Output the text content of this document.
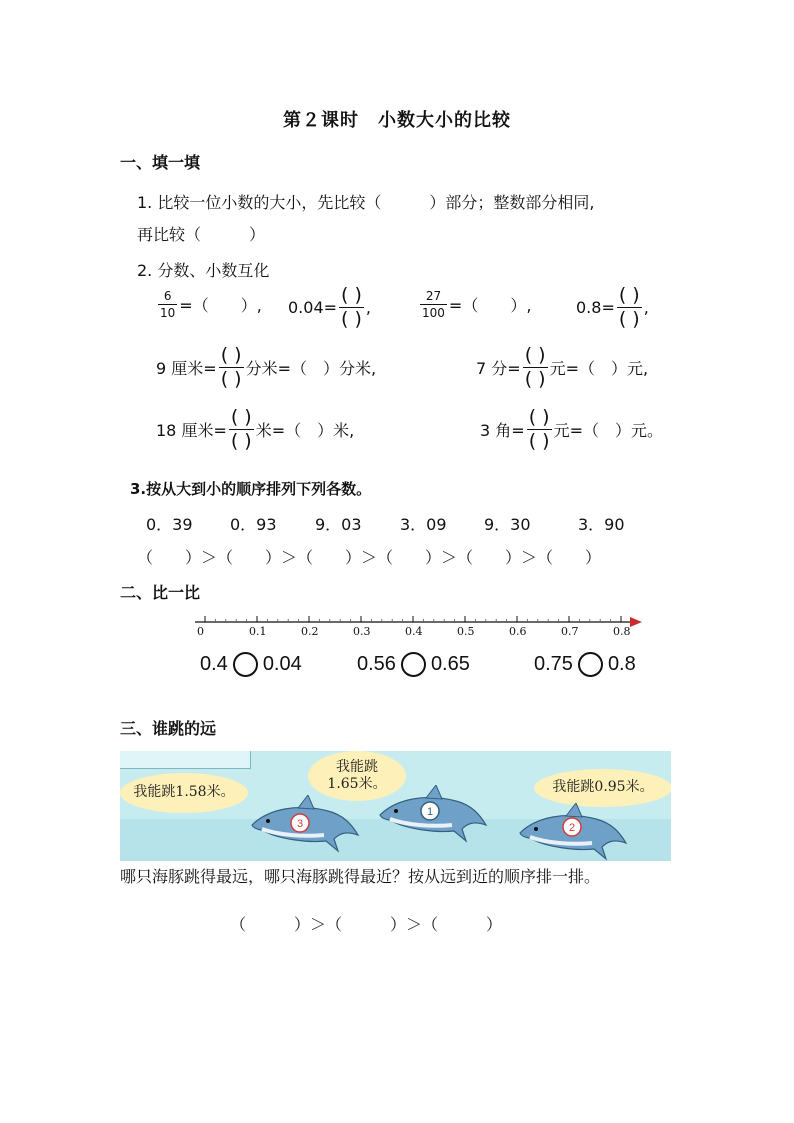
第２课时　小数大小的比较
一、填一填
1. 比较一位小数的大小，先比较（　　　）部分；整数部分相同,
再比较（　　　）
2. 分数、小数互化
$\frac{6}{10}$ =（　　）, $0.04= \frac{( )}{( )}$ ,	$\frac{27}{100}$ =（　　）,	$0.8= \frac{( )}{( )}$ ,
9 厘米= $\frac{( )}{( )}$ 分米=（　）分米,	7 分= $\frac{( )}{( )}$ 元=（　）元,
18 厘米= $\frac{( )}{( )}$ 米=（　）米,	3 角= $\frac{( )}{( )}$ 元=（　）元。
3.按从大到小的顺序排列下列各数。
0．39 0．93 9．03 3．09 9．30	3．90
（　　）＞（　　）＞（　　）＞（　　）＞（　　）＞（　　）
二、比一比
0	0.1	0.2	0.3	0.4	0.5	0.6	0.7	0.8
0.4 0.04	0.56 0.65	0.75 0.8
三、谁跳的远
我能跳1.58米。
我能跳
1.65米。	我能跳0.95米。
3
1
2
哪只海豚跳得最远，哪只海豚跳得最近？按从远到近的顺序排一排。
（　　　）＞（　　　）＞（　　　）
